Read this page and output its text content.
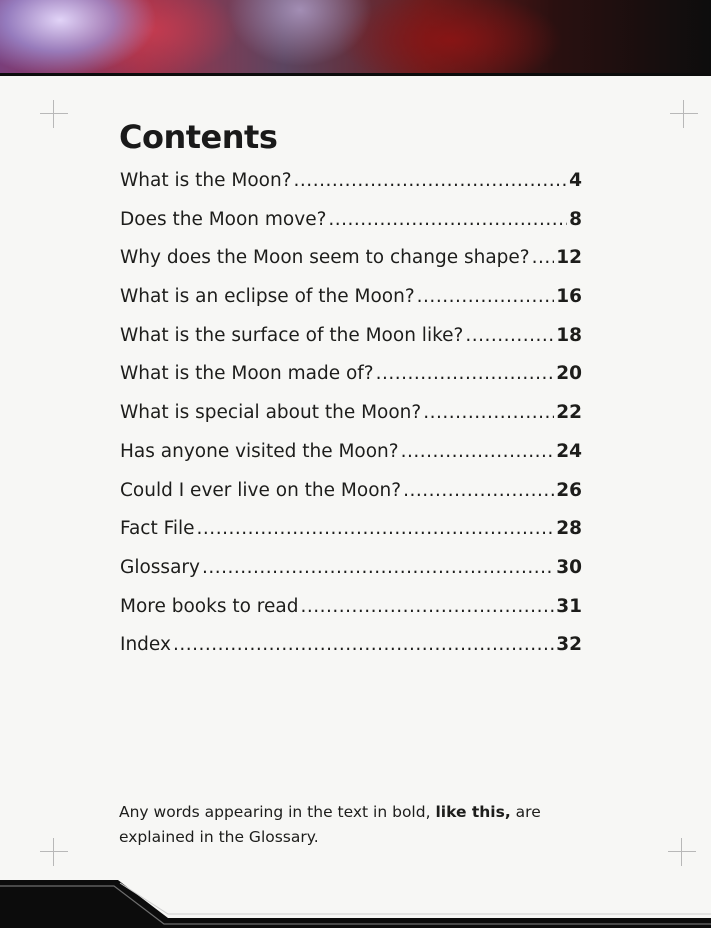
Contents
What is the Moon? .....	4
Does the Moon move? .....	8
Why does the Moon seem to change shape? ..... 12
What is an eclipse of the Moon? .....	16
What is the surface of the Moon like? .....	18
What is the Moon made of? .....	20
What is special about the Moon? .....	22
Has anyone visited the Moon? .....	24
Could I ever live on the Moon? .....	26
Fact File .....	28
Glossary .....	30
More books to read .....	31
Index .....	32

Any words appearing in the text in bold, like this, are explained in the Glossary.
